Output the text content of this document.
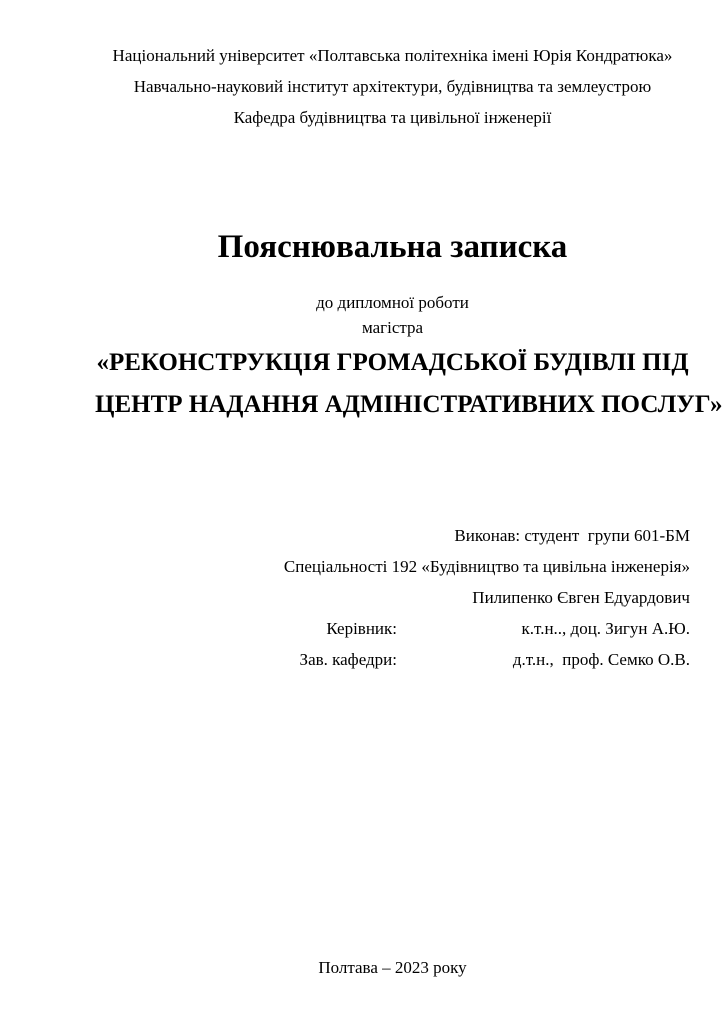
Національний університет «Полтавська політехніка імені Юрія Кондратюка»
Навчально-науковий інститут архітектури, будівництва та землеустрою
Кафедра будівництва та цивільної інженерії
Пояснювальна записка
до дипломної роботи
магістра
«РЕКОНСТРУКЦІЯ ГРОМАДСЬКОЇ БУДІВЛІ ПІД
ЦЕНТР НАДАННЯ АДМІНІСТРАТИВНИХ ПОСЛУГ»
Виконав: студент  групи 601-БМ
Спеціальності 192 «Будівництво та цивільна інженерія»
Пилипенко Євген Едуардович
Керівник:	к.т.н.., доц. Зигун А.Ю.
Зав. кафедри:	д.т.н.,  проф. Семко О.В.
Полтава – 2023 року
